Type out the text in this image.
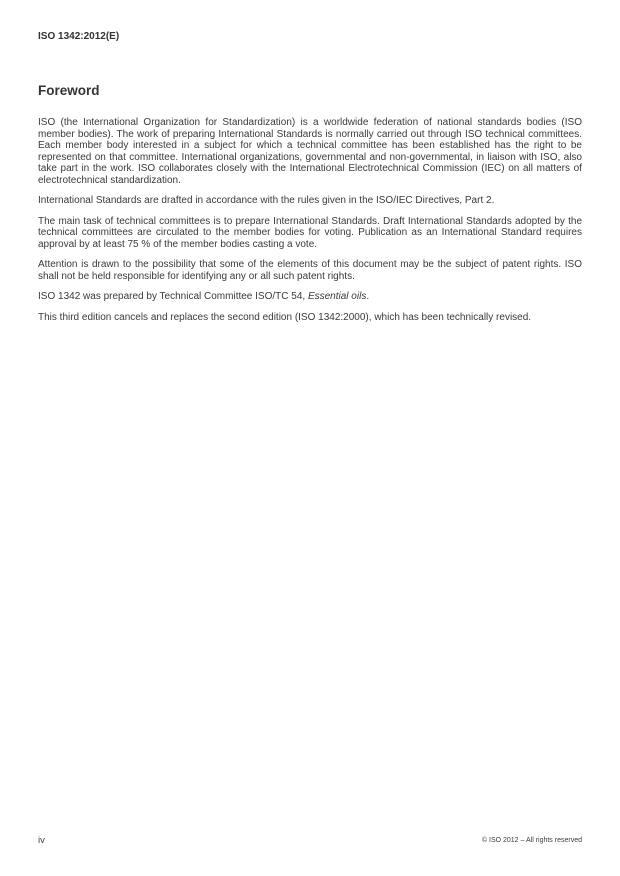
ISO 1342:2012(E)
Foreword

ISO (the International Organization for Standardization) is a worldwide federation of national standards bodies (ISO member bodies). The work of preparing International Standards is normally carried out through ISO technical committees. Each member body interested in a subject for which a technical committee has been established has the right to be represented on that committee. International organizations, governmental and non-governmental, in liaison with ISO, also take part in the work. ISO collaborates closely with the International Electrotechnical Commission (IEC) on all matters of electrotechnical standardization.

International Standards are drafted in accordance with the rules given in the ISO/IEC Directives, Part 2.

The main task of technical committees is to prepare International Standards. Draft International Standards adopted by the technical committees are circulated to the member bodies for voting. Publication as an International Standard requires approval by at least 75 % of the member bodies casting a vote.

Attention is drawn to the possibility that some of the elements of this document may be the subject of patent rights. ISO shall not be held responsible for identifying any or all such patent rights.

ISO 1342 was prepared by Technical Committee ISO/TC 54, Essential oils.

This third edition cancels and replaces the second edition (ISO 1342:2000), which has been technically revised.

iv	© ISO 2012 – All rights reserved
